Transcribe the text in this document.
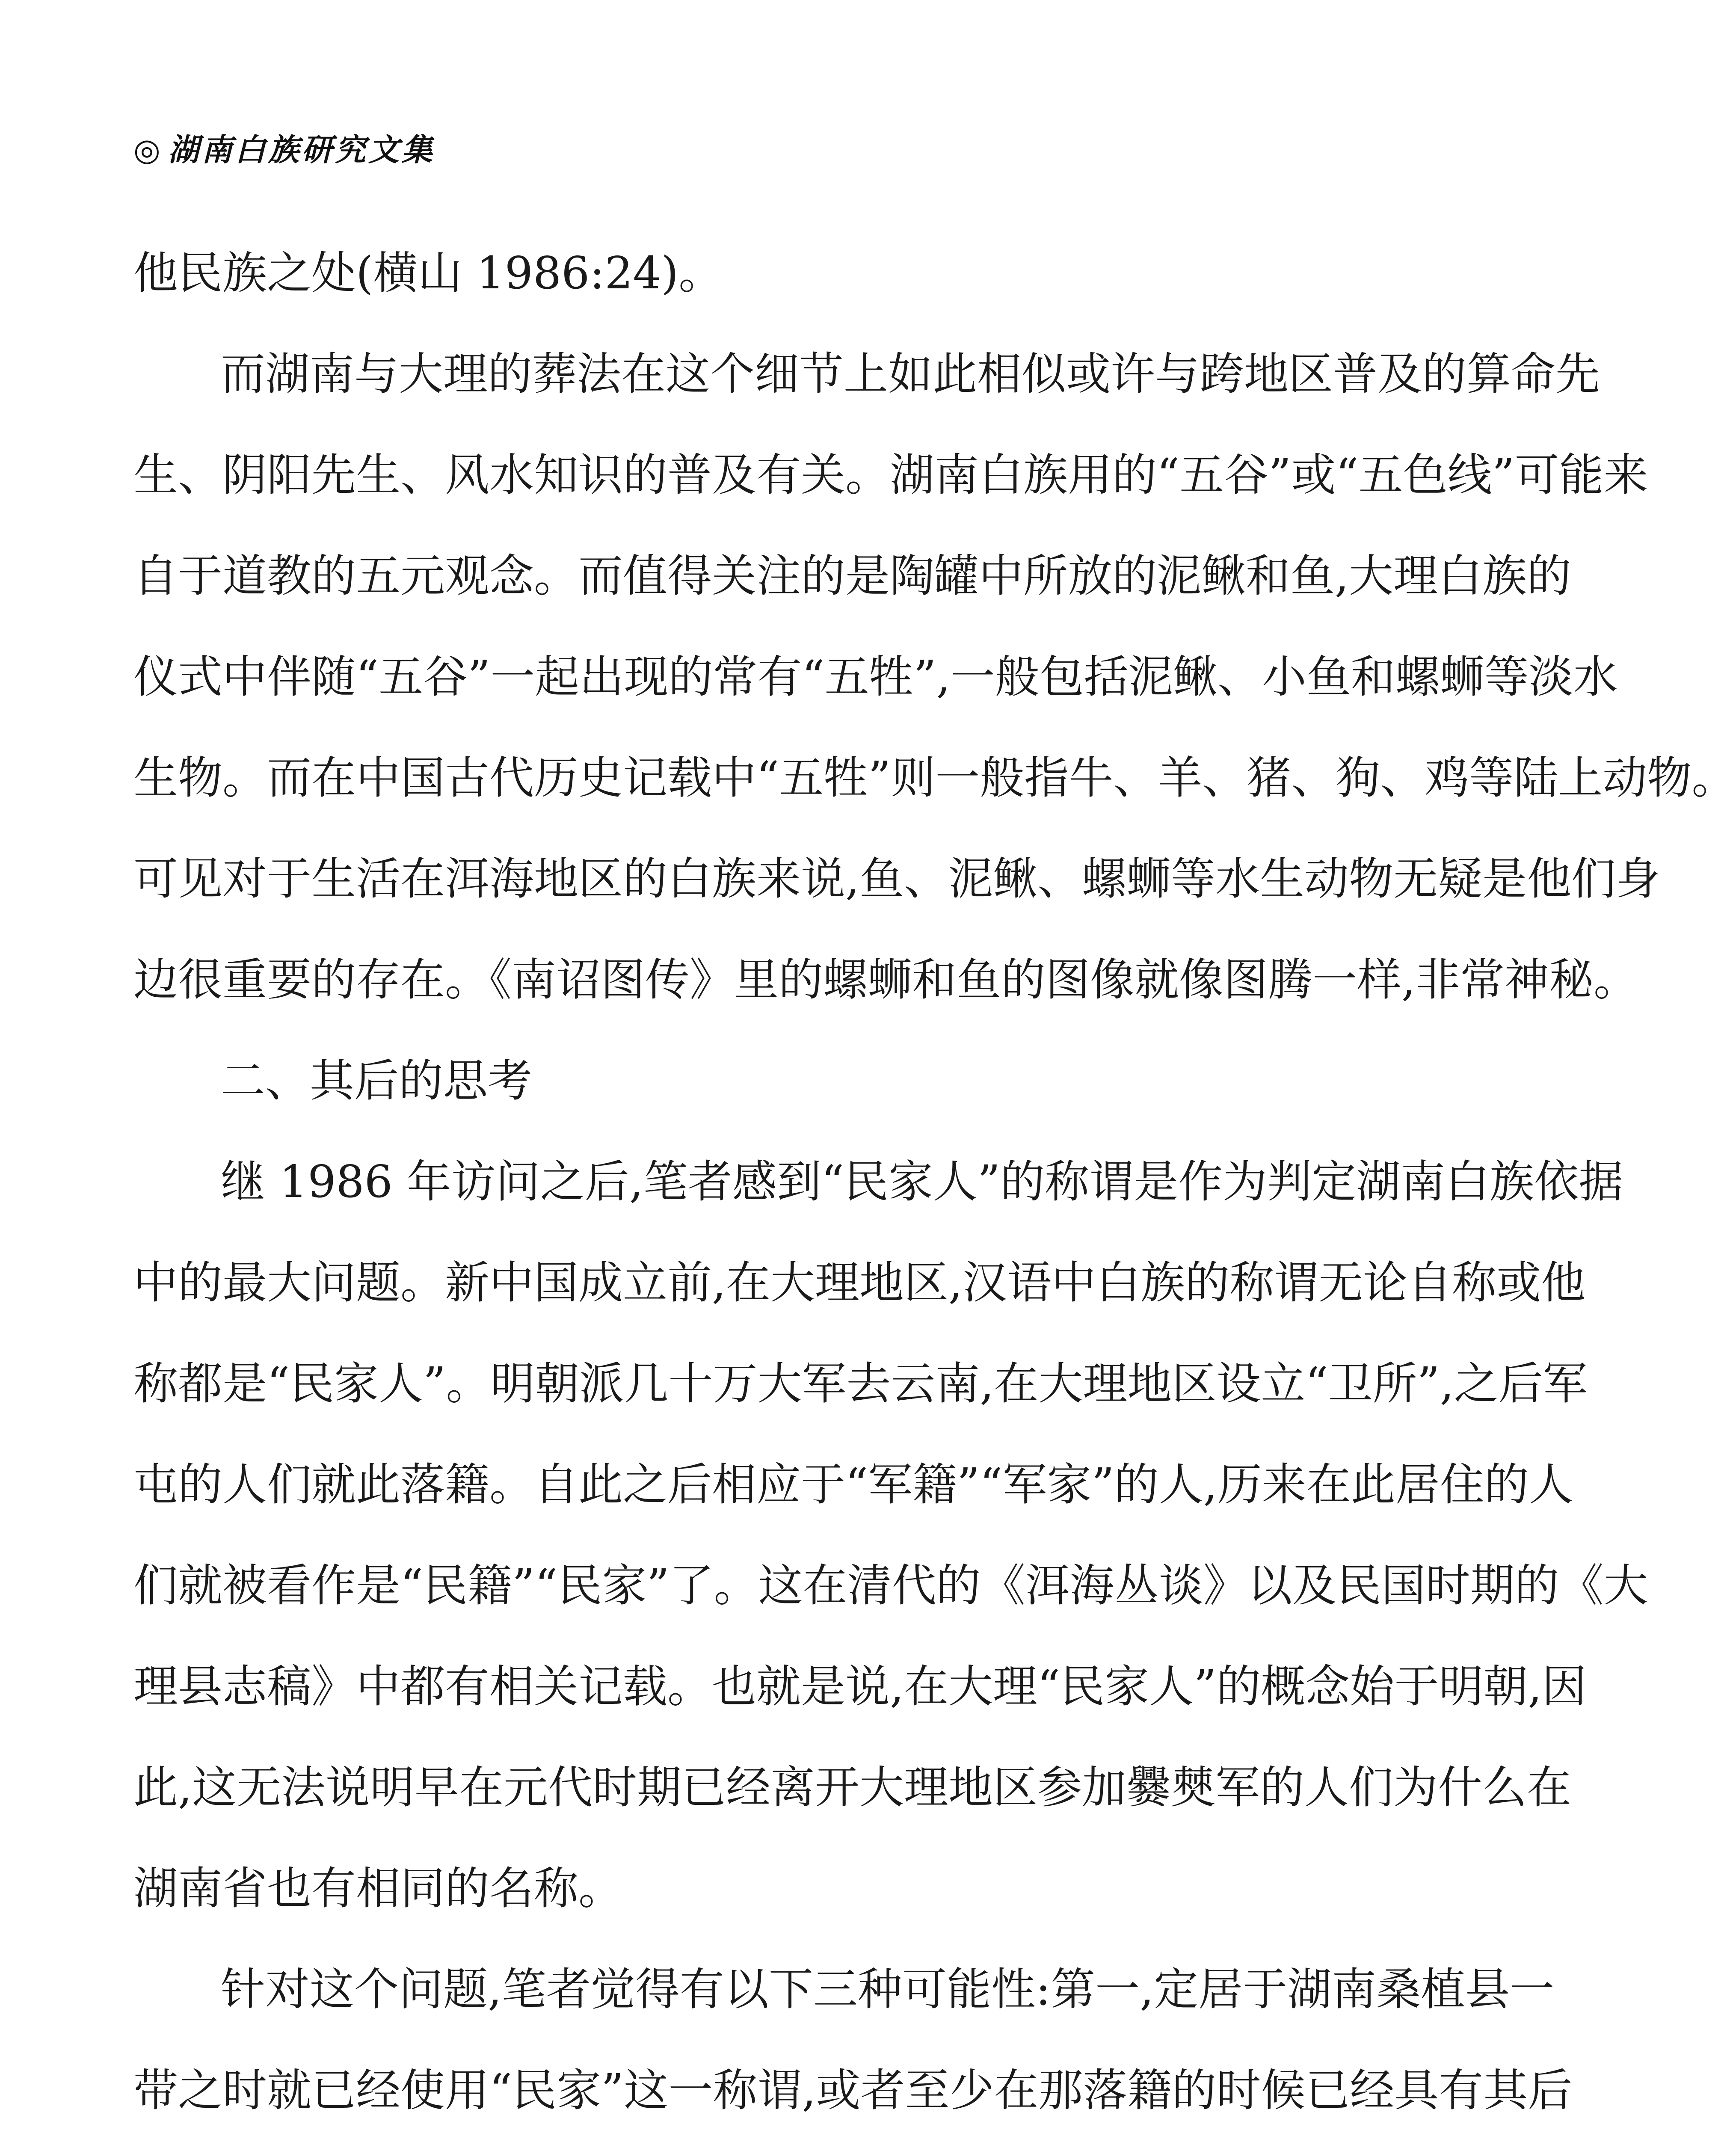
◎ 湖南白族研究文集
他民族之处(横山 1986:24)。
而湖南与大理的葬法在这个细节上如此相似或许与跨地区普及的算命先
生、阴阳先生、风水知识的普及有关。湖南白族用的“五谷”或“五色线”可能来
自于道教的五元观念。而值得关注的是陶罐中所放的泥鳅和鱼,大理白族的
仪式中伴随“五谷”一起出现的常有“五牲”,一般包括泥鳅、小鱼和螺蛳等淡水
生物。而在中国古代历史记载中“五牲”则一般指牛、羊、猪、狗、鸡等陆上动物。
可见对于生活在洱海地区的白族来说,鱼、泥鳅、螺蛳等水生动物无疑是他们身
边很重要的存在。《南诏图传》里的螺蛳和鱼的图像就像图腾一样,非常神秘。
二、其后的思考
继 1986 年访问之后,笔者感到“民家人”的称谓是作为判定湖南白族依据
中的最大问题。新中国成立前,在大理地区,汉语中白族的称谓无论自称或他
称都是“民家人”。明朝派几十万大军去云南,在大理地区设立“卫所”,之后军
屯的人们就此落籍。自此之后相应于“军籍”“军家”的人,历来在此居住的人
们就被看作是“民籍”“民家”了。这在清代的《洱海丛谈》以及民国时期的《大
理县志稿》中都有相关记载。也就是说,在大理“民家人”的概念始于明朝,因
此,这无法说明早在元代时期已经离开大理地区参加爨僰军的人们为什么在
湖南省也有相同的名称。
针对这个问题,笔者觉得有以下三种可能性:第一,定居于湖南桑植县一
带之时就已经使用“民家”这一称谓,或者至少在那落籍的时候已经具有其后
